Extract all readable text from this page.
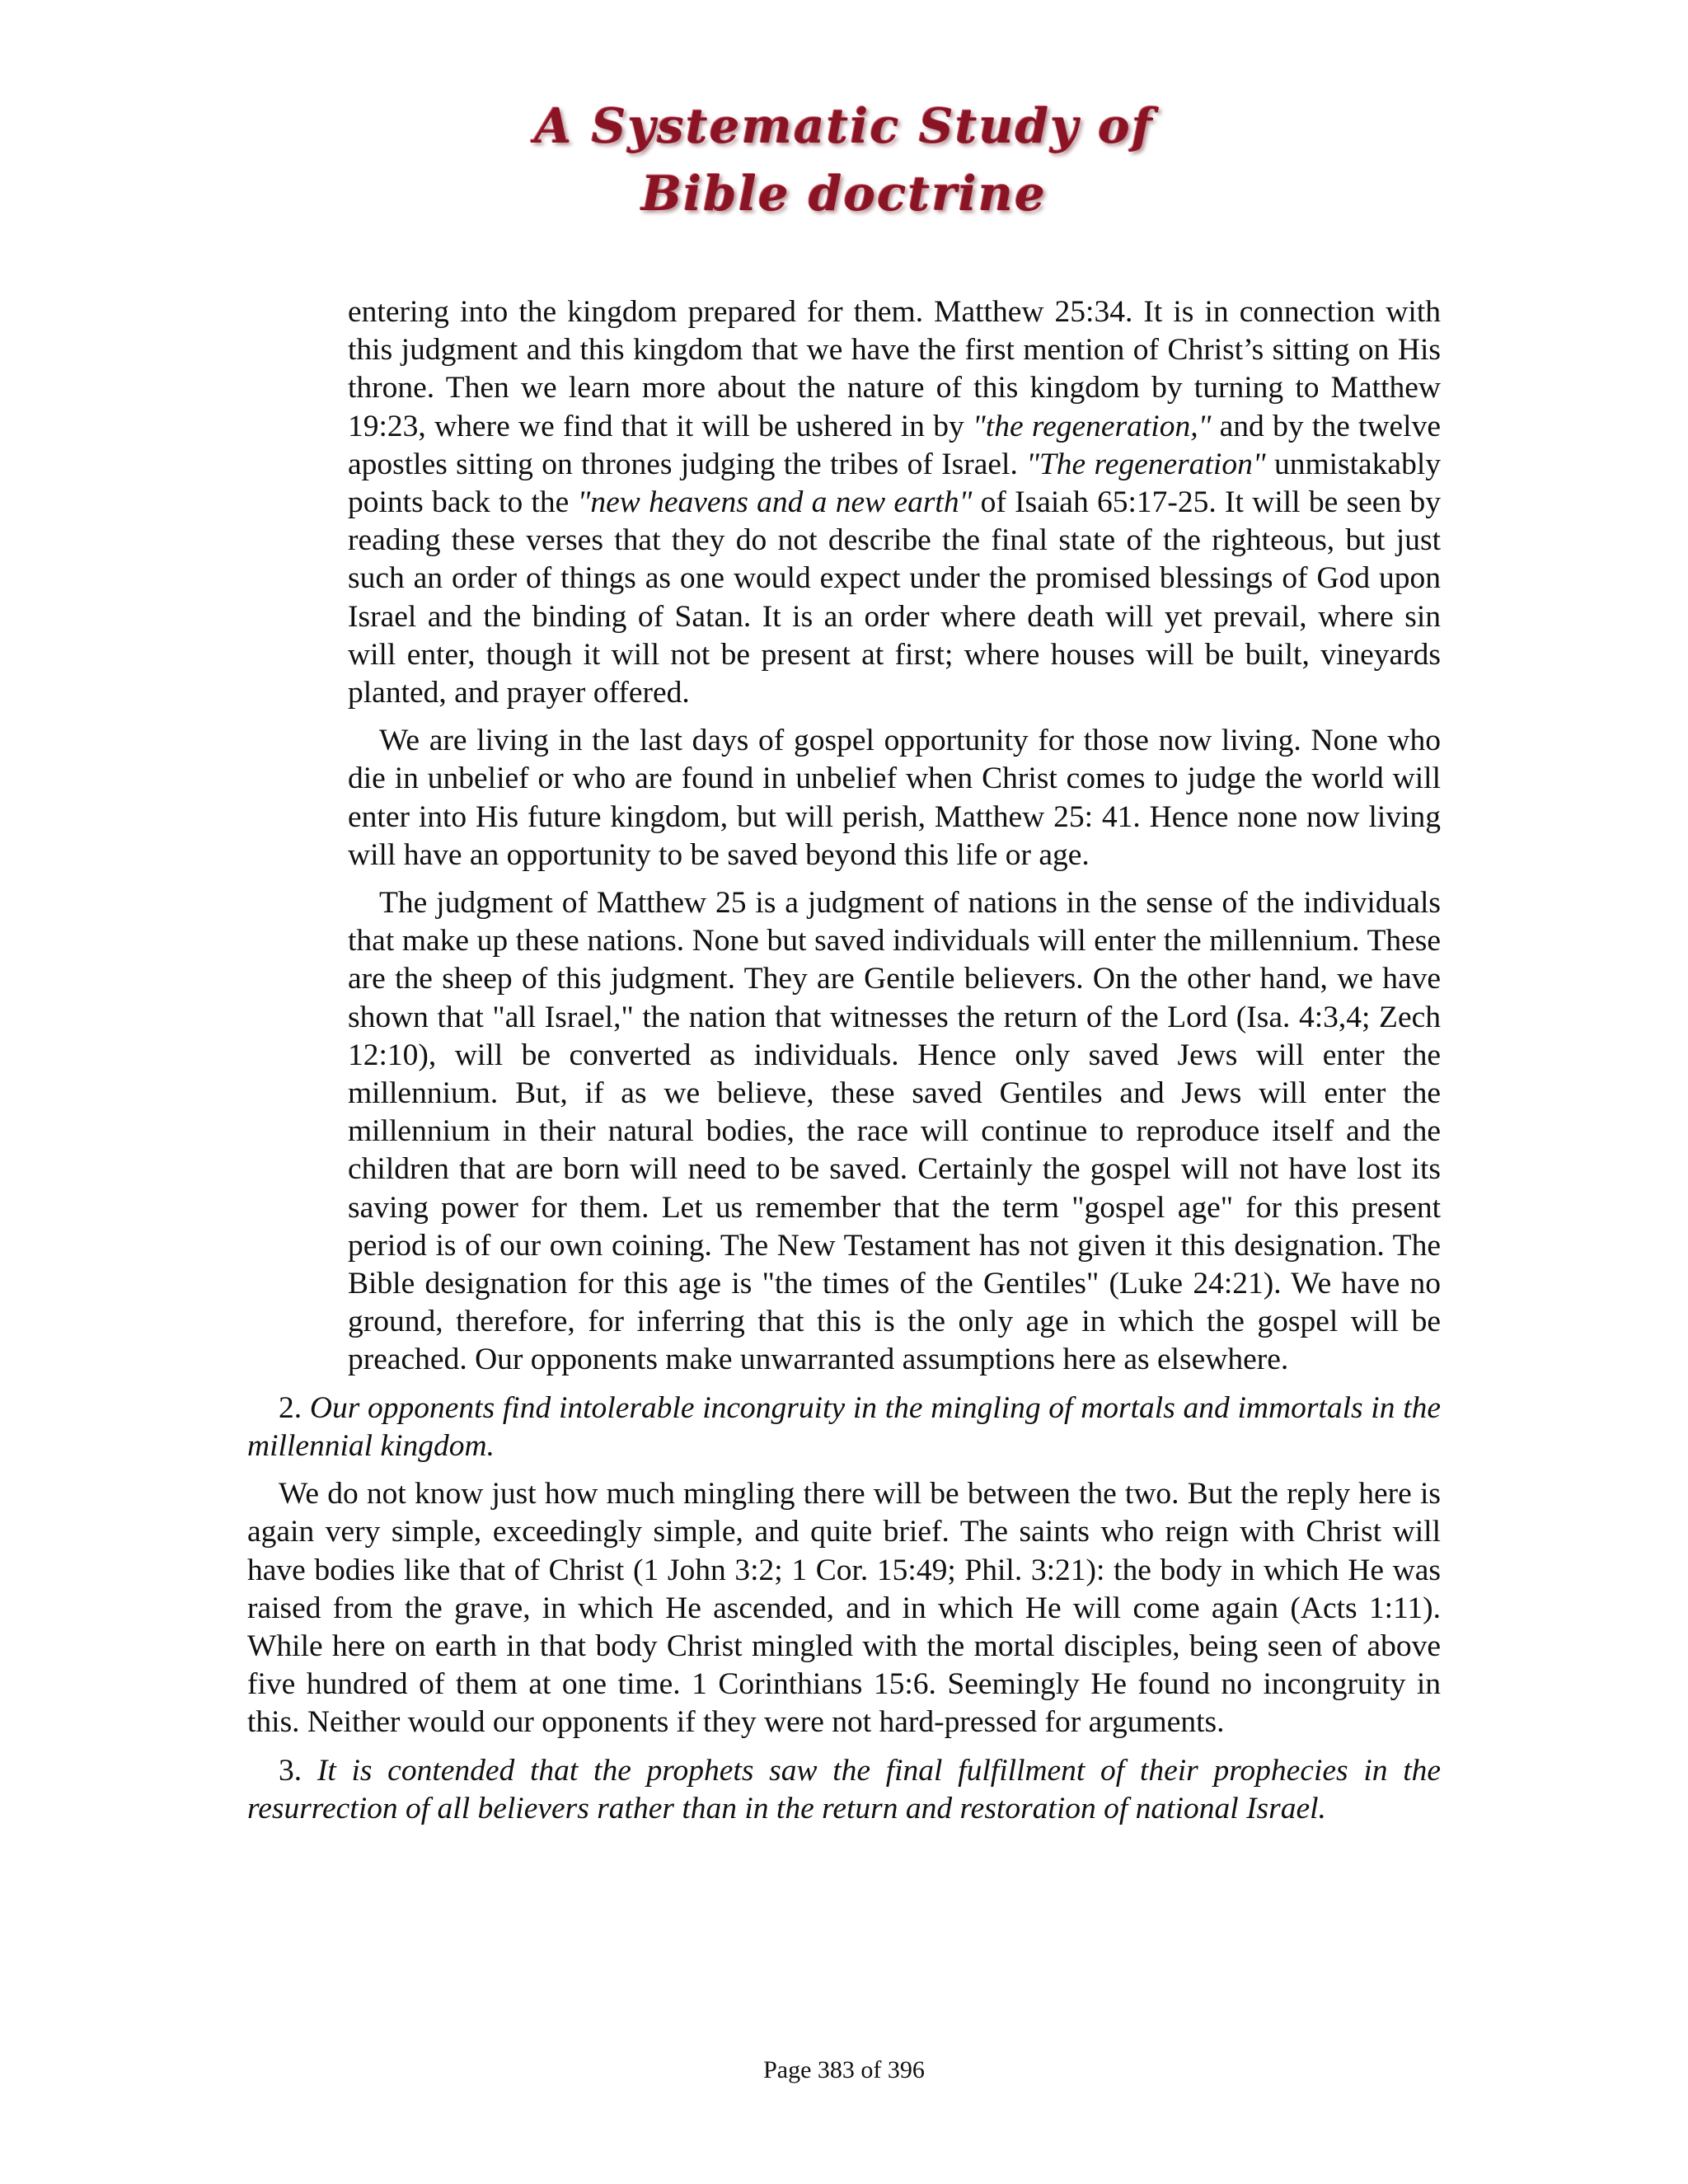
A Systematic Study of
Bible doctrine

entering into the kingdom prepared for them. Matthew 25:34. It is in connection with this judgment and this kingdom that we have the first mention of Christ’s sitting on His throne. Then we learn more about the nature of this kingdom by turning to Matthew 19:23, where we find that it will be ushered in by "the regeneration," and by the twelve apostles sitting on thrones judging the tribes of Israel. "The regeneration" unmistakably points back to the "new heavens and a new earth" of Isaiah 65:17-25. It will be seen by reading these verses that they do not describe the final state of the righteous, but just such an order of things as one would expect under the promised blessings of God upon Israel and the binding of Satan. It is an order where death will yet prevail, where sin will enter, though it will not be present at first; where houses will be built, vineyards planted, and prayer offered.

We are living in the last days of gospel opportunity for those now living. None who die in unbelief or who are found in unbelief when Christ comes to judge the world will enter into His future kingdom, but will perish, Matthew 25: 41. Hence none now living will have an opportunity to be saved beyond this life or age.

The judgment of Matthew 25 is a judgment of nations in the sense of the individuals that make up these nations. None but saved individuals will enter the millennium. These are the sheep of this judgment. They are Gentile believers. On the other hand, we have shown that "all Israel," the nation that witnesses the return of the Lord (Isa. 4:3,4; Zech 12:10), will be converted as individuals. Hence only saved Jews will enter the millennium. But, if as we believe, these saved Gentiles and Jews will enter the millennium in their natural bodies, the race will continue to reproduce itself and the children that are born will need to be saved. Certainly the gospel will not have lost its saving power for them. Let us remember that the term "gospel age" for this present period is of our own coining. The New Testament has not given it this designation. The Bible designation for this age is "the times of the Gentiles" (Luke 24:21). We have no ground, therefore, for inferring that this is the only age in which the gospel will be preached. Our opponents make unwarranted assumptions here as elsewhere.

2. Our opponents find intolerable incongruity in the mingling of mortals and immortals in the millennial kingdom.

We do not know just how much mingling there will be between the two. But the reply here is again very simple, exceedingly simple, and quite brief. The saints who reign with Christ will have bodies like that of Christ (1 John 3:2; 1 Cor. 15:49; Phil. 3:21): the body in which He was raised from the grave, in which He ascended, and in which He will come again (Acts 1:11). While here on earth in that body Christ mingled with the mortal disciples, being seen of above five hundred of them at one time. 1 Corinthians 15:6. Seemingly He found no incongruity in this. Neither would our opponents if they were not hard-pressed for arguments.

3. It is contended that the prophets saw the final fulfillment of their prophecies in the resurrection of all believers rather than in the return and restoration of national Israel.

Page 383 of 396
